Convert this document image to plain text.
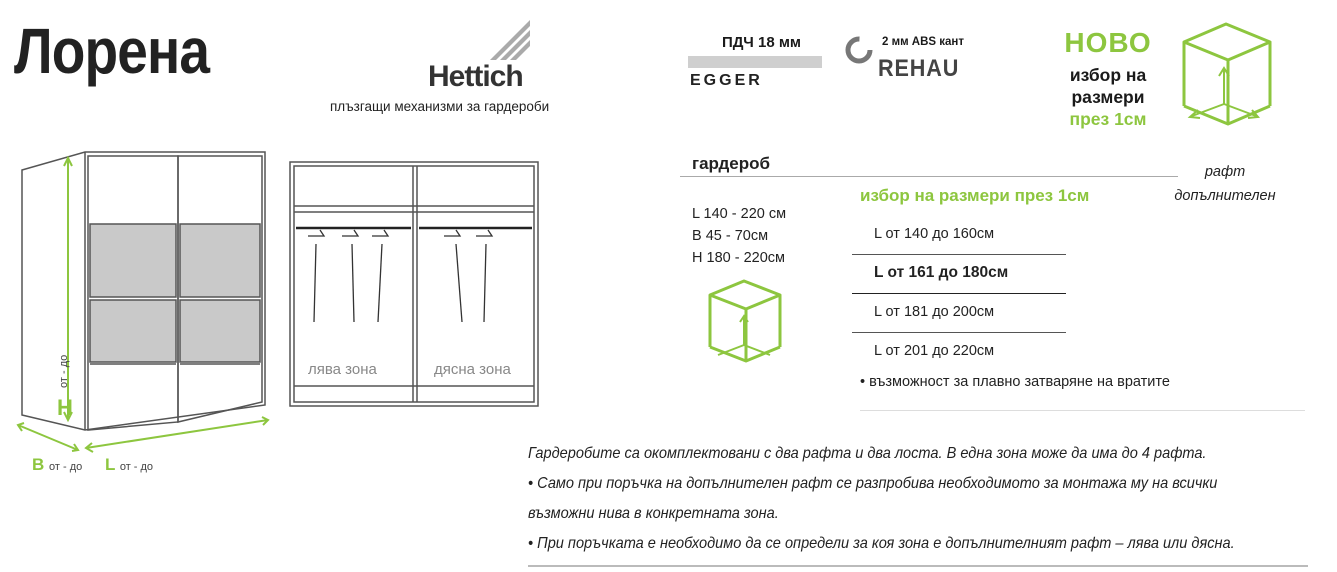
Лорена	Hettich
плъзгащи механизми за гардероби
ПДЧ 18 мм
EGGER
2 мм ABS кант
REHAU
НОВО
избор на
размери
през 1см
H
от - до
B от - до L от - до
лява зона	дясна зона
гардероб	рафт
допълнителен
L 140 - 220 см
B 45 - 70см
H 180 - 220см
избор на размери през 1см
L от 140 до 160см
L от 161 до 180см
L от 181 до 200см
L от 201 до 220см
• възможност за плавно затваряне на вратите
Гардеробите са окомплектовани с два рафта и два лоста. В една зона може да има до 4 рафта.
• Само при поръчка на допълнителен рафт се разпробива необходимото за монтажа му на всички
възможни нива в конкретната зона.
• При поръчката е необходимо да се определи за коя зона е допълнителният рафт – лява или дясна.
